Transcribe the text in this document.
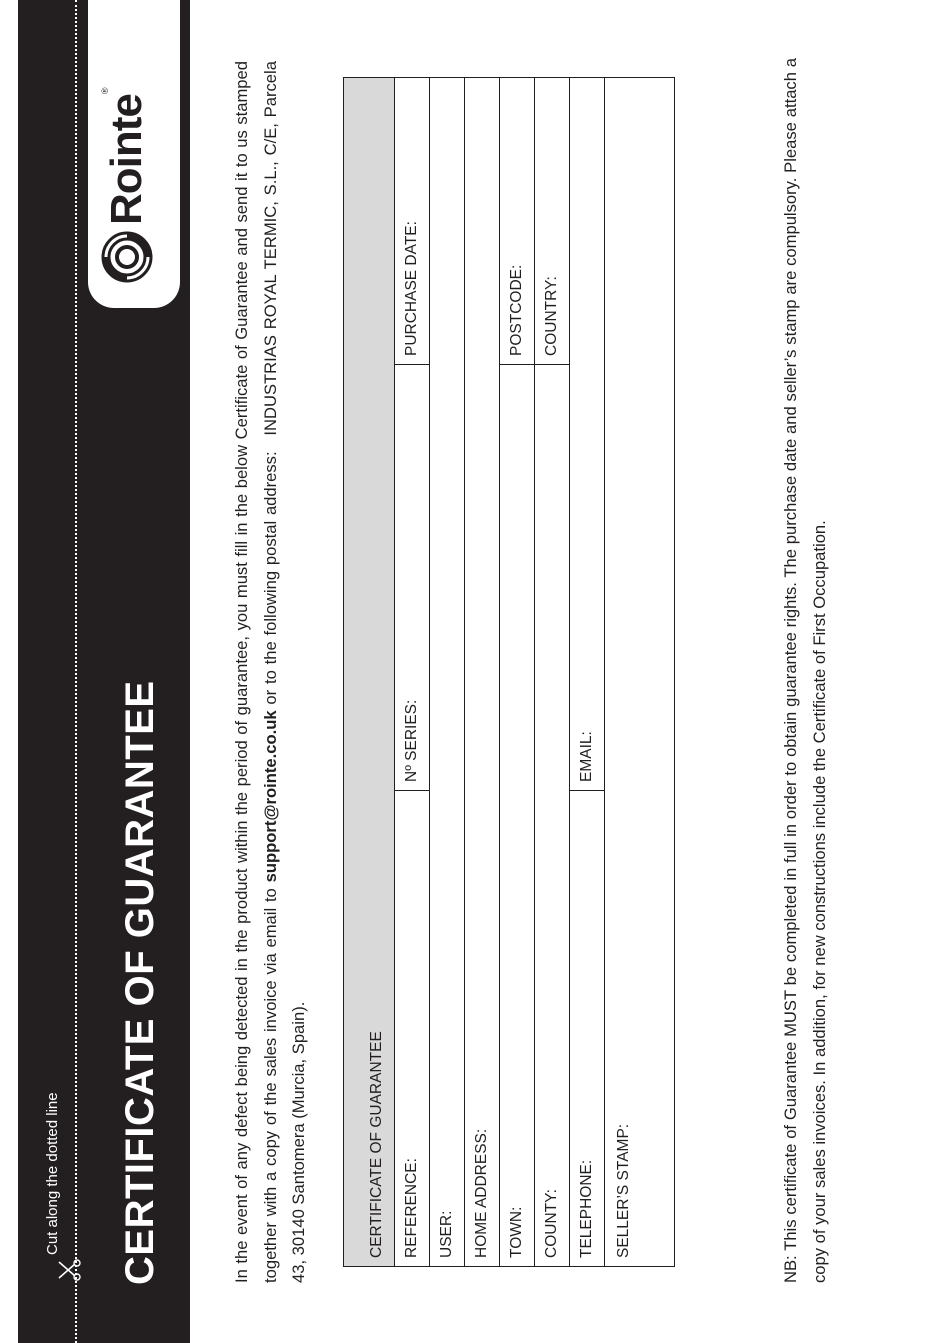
Cut along the dotted line CERTIFICATE OF GUARANTEE
Rointe
®	In the event of any defect being detected in the product within the period of guarantee, you must fill in the below Certificate of Guarantee and send it to us stamped together with a copy of the sales invoice via email to support@rointe.co.uk or to the following postal address: INDUSTRIAS ROYAL TERMIC, S.L., C/E, Parcela 43, 30140 Santomera (Murcia, Spain).	CERTIFICATE OF GUARANTEE		
REFERENCE:	Nº SERIES:	PURCHASE DATE:
USER:		
HOME ADDRESS:		
TOWN:		POSTCODE:
COUNTY:		COUNTRY:
TELEPHONE:	EMAIL:	
SELLER’S STAMP:			NB: This certificate of Guarantee MUST be completed in full in order to obtain guarantee rights. The purchase date and seller’s stamp are compulsory. Please attach a copy of your sales invoices. In addition, for new constructions include the Certificate of First Occupation.
